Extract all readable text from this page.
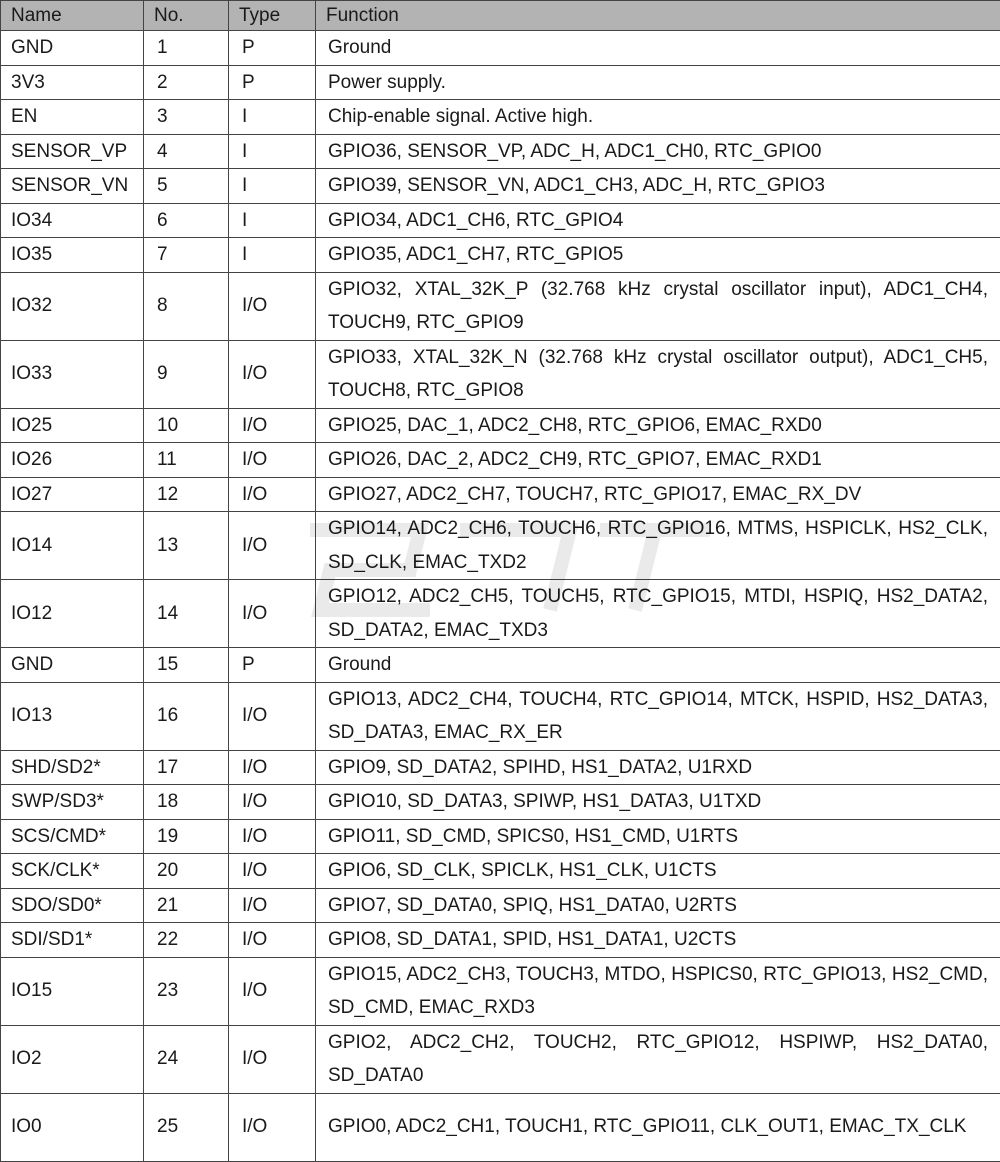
Name	No.	Type	Function
GND	1	P	Ground
3V3	2	P	Power supply.
EN	3	I	Chip-enable signal. Active high.
SENSOR_VP	4	I	GPIO36, SENSOR_VP, ADC_H, ADC1_CH0, RTC_GPIO0
SENSOR_VN	5	I	GPIO39, SENSOR_VN, ADC1_CH3, ADC_H, RTC_GPIO3
IO34	6	I	GPIO34, ADC1_CH6, RTC_GPIO4
IO35	7	I	GPIO35, ADC1_CH7, RTC_GPIO5
IO32	8	I/O	GPIO32, XTAL_32K_P (32.768 kHz crystal oscillator input), ADC1_CH4, TOUCH9, RTC_GPIO9
IO33	9	I/O	GPIO33, XTAL_32K_N (32.768 kHz crystal oscillator output), ADC1_CH5, TOUCH8, RTC_GPIO8
IO25	10	I/O	GPIO25, DAC_1, ADC2_CH8, RTC_GPIO6, EMAC_RXD0
IO26	11	I/O	GPIO26, DAC_2, ADC2_CH9, RTC_GPIO7, EMAC_RXD1
IO27	12	I/O	GPIO27, ADC2_CH7, TOUCH7, RTC_GPIO17, EMAC_RX_DV
IO14	13	I/O	GPIO14, ADC2_CH6, TOUCH6, RTC_GPIO16, MTMS, HSPICLK, HS2_CLK, SD_CLK, EMAC_TXD2
IO12	14	I/O	GPIO12, ADC2_CH5, TOUCH5, RTC_GPIO15, MTDI, HSPIQ, HS2_DATA2, SD_DATA2, EMAC_TXD3
GND	15	P	Ground
IO13	16	I/O	GPIO13, ADC2_CH4, TOUCH4, RTC_GPIO14, MTCK, HSPID, HS2_DATA3, SD_DATA3, EMAC_RX_ER
SHD/SD2*	17	I/O	GPIO9, SD_DATA2, SPIHD, HS1_DATA2, U1RXD
SWP/SD3*	18	I/O	GPIO10, SD_DATA3, SPIWP, HS1_DATA3, U1TXD
SCS/CMD*	19	I/O	GPIO11, SD_CMD, SPICS0, HS1_CMD, U1RTS
SCK/CLK*	20	I/O	GPIO6, SD_CLK, SPICLK, HS1_CLK, U1CTS
SDO/SD0*	21	I/O	GPIO7, SD_DATA0, SPIQ, HS1_DATA0, U2RTS
SDI/SD1*	22	I/O	GPIO8, SD_DATA1, SPID, HS1_DATA1, U2CTS
IO15	23	I/O	GPIO15, ADC2_CH3, TOUCH3, MTDO, HSPICS0, RTC_GPIO13, HS2_CMD, SD_CMD, EMAC_RXD3
IO2	24	I/O	GPIO2, ADC2_CH2, TOUCH2, RTC_GPIO12, HSPIWP, HS2_DATA0, SD_DATA0
IO0	25	I/O	GPIO0, ADC2_CH1, TOUCH1, RTC_GPIO11, CLK_OUT1, EMAC_TX_CLK
